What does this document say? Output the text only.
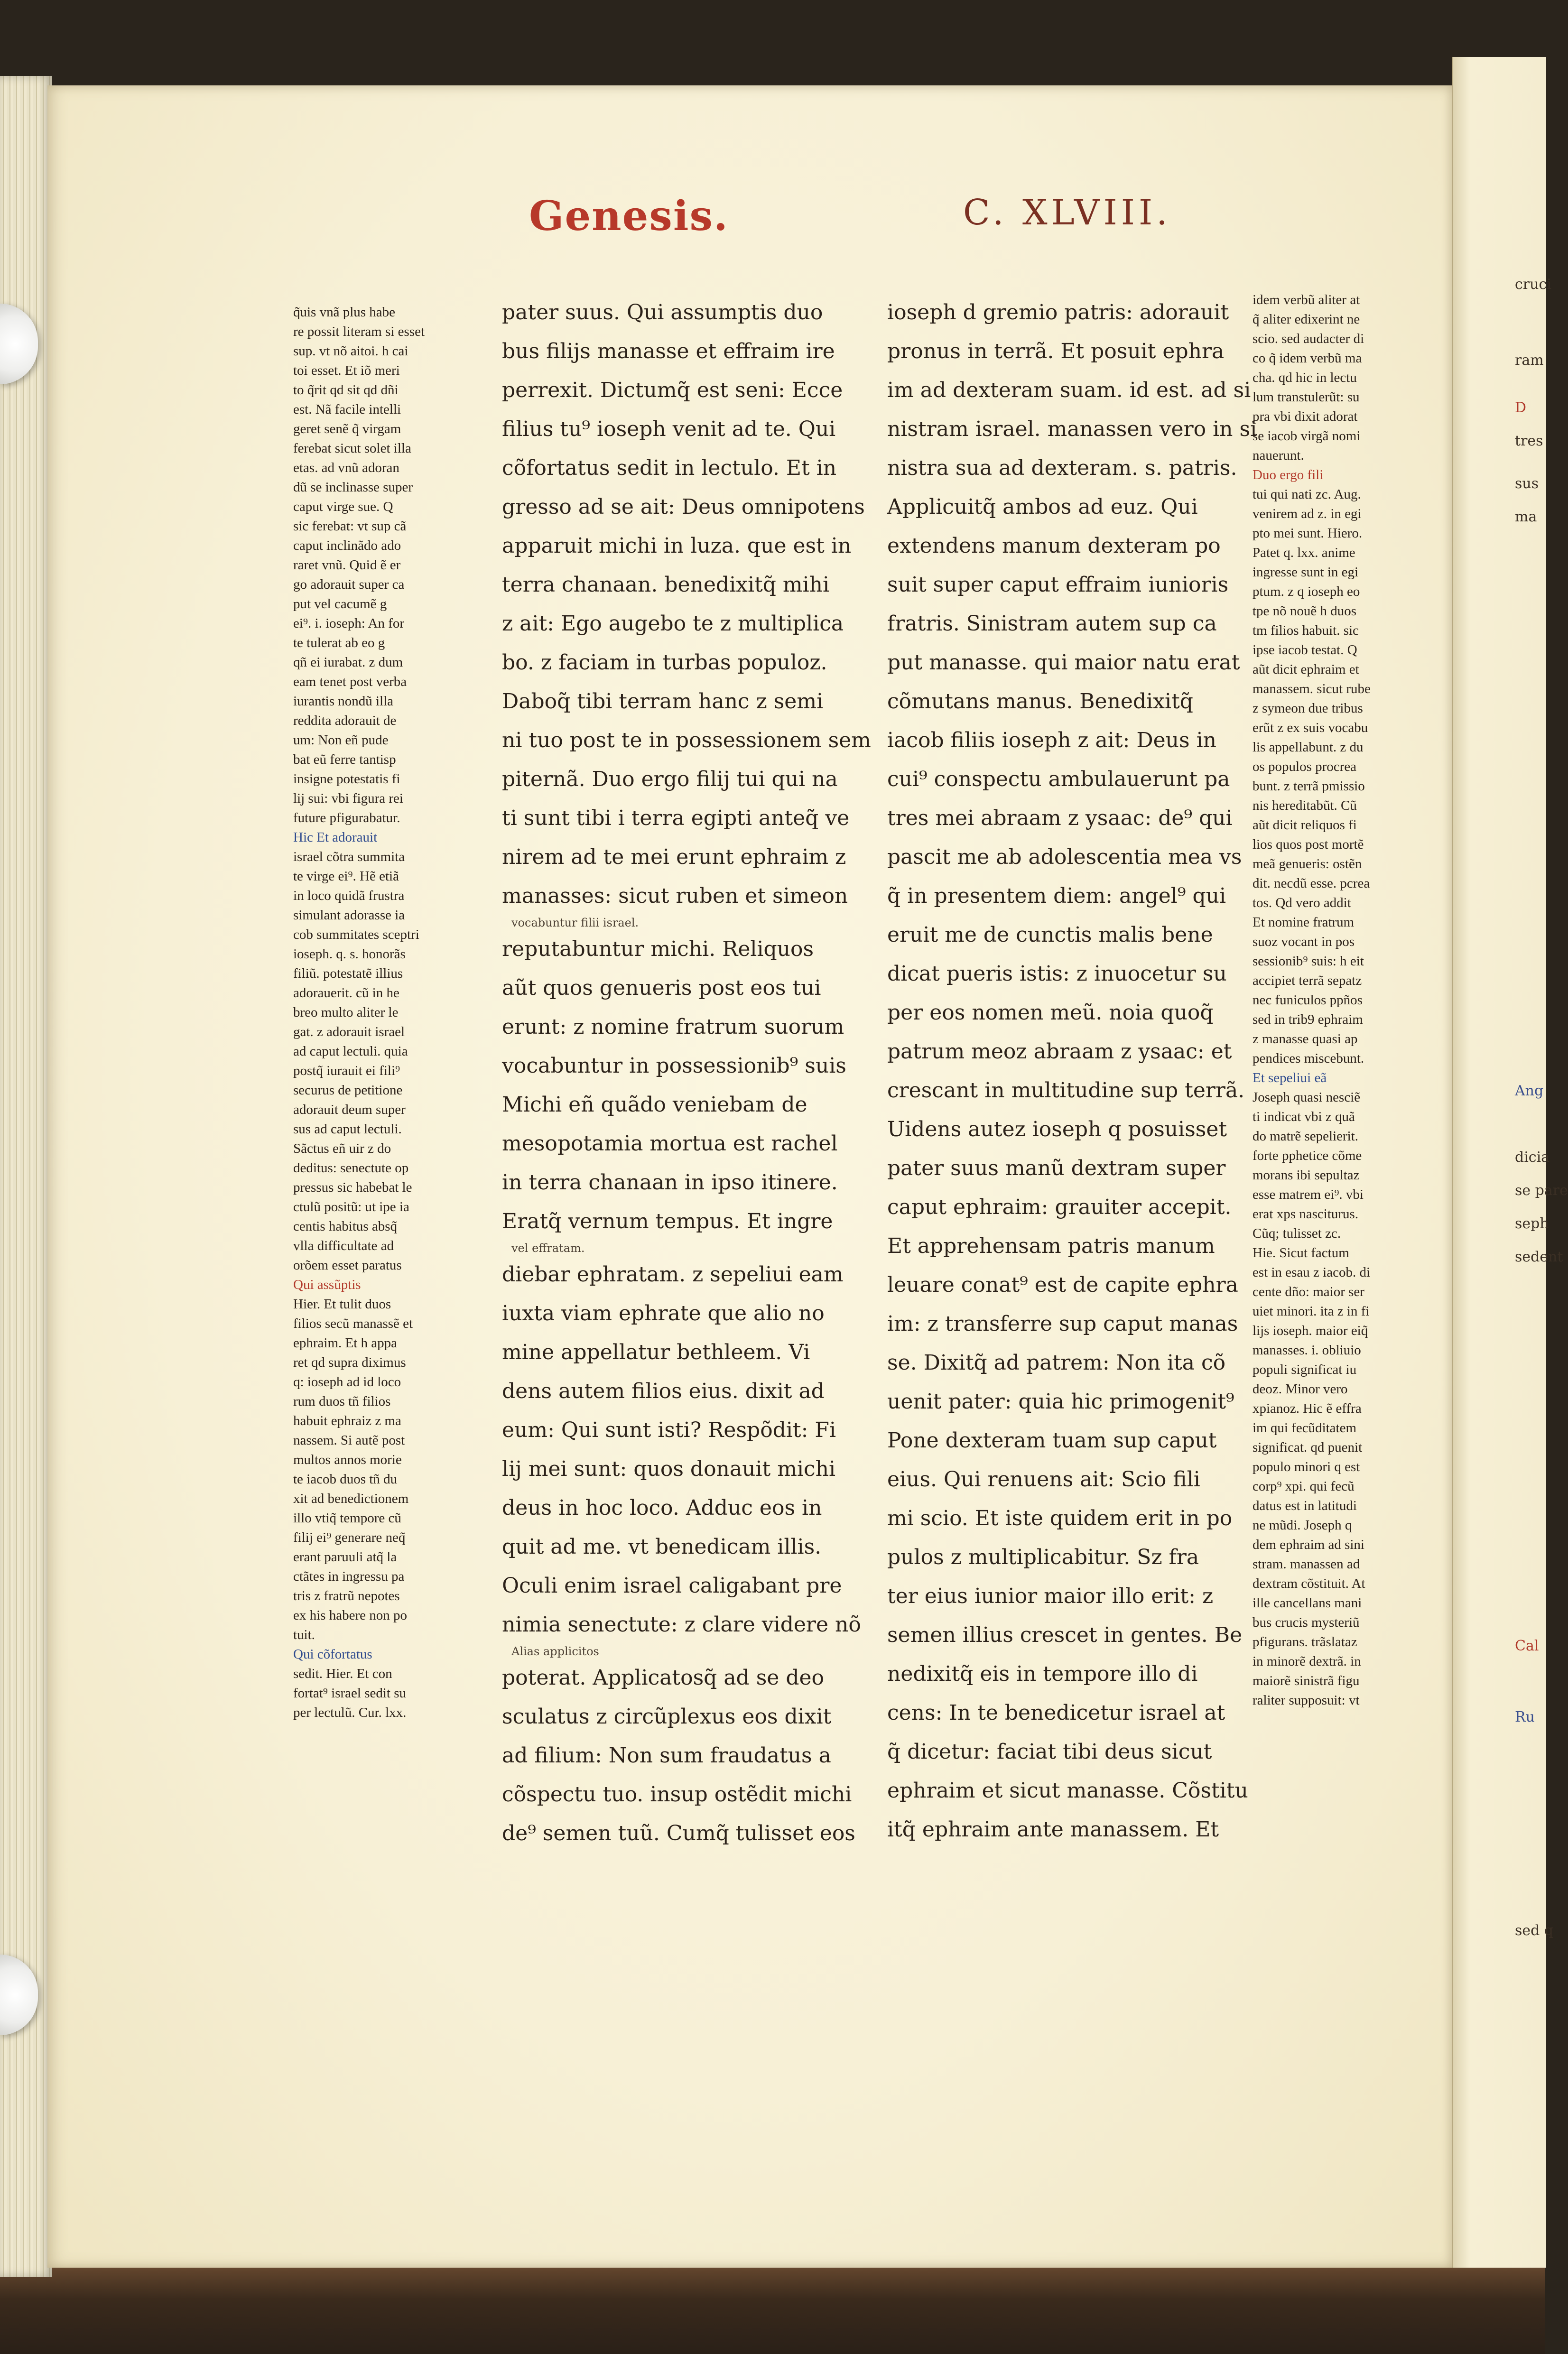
cruci
ram
D
tres
sus
ma
Ang
dicia
se pare
seph
sedent
Cal
Ru
sed q
Genesis.	C. XLVIII.
q̃uis vnã plus habe
re possit literam si esset
sup. vt nõ aitoi. h cai
toi esset. Et iõ meri
to q̃rit qd sit qd dñi
est. Nã facile intelli
geret senẽ q̃ virgam
ferebat sicut solet illa
etas. ad vnũ adoran
dũ se inclinasse super
caput virge sue. Q
sic ferebat: vt sup cã
caput inclinãdo ado
raret vnũ. Quid ẽ er
go adorauit super ca
put vel cacumẽ g
ei⁹. i. ioseph: An for
te tulerat ab eo g
qñ ei iurabat. z dum
eam tenet post verba
iurantis nondũ illa
reddita adorauit de
um: Non eñ pude
bat eũ ferre tantisp
insigne potestatis fi
lij sui: vbi figura rei
future pfigurabatur.
Hic Et adorauit
israel cõtra summita
te virge ei⁹. Hẽ etiã
in loco quidã frustra
simulant adorasse ia
cob summitates sceptri
ioseph. q. s. honorãs
filiũ. potestatẽ illius
adorauerit. cũ in he
breo multo aliter le
gat. z adorauit israel
ad caput lectuli. quia
postq̃ iurauit ei fili⁹
securus de petitione
adorauit deum super
sus ad caput lectuli.
Sãctus eñ uir z do
deditus: senectute op
pressus sic habebat le
ctulũ positũ: ut ipe ia
centis habitus absq̃
vlla difficultate ad
orõem esset paratus
Qui assũptis
Hier. Et tulit duos
filios secũ manassẽ et
ephraim. Et h appa
ret qd supra diximus
q: ioseph ad id loco
rum duos tñ filios
habuit ephraiz z ma
nassem. Si autẽ post
multos annos morie
te iacob duos tñ du
xit ad benedictionem
illo vtiq̃ tempore cũ
filij ei⁹ generare neq̃
erant paruuli atq̃ la
ctãtes in ingressu pa
tris z fratrũ nepotes
ex his habere non po
tuit.
Qui cõfortatus
sedit. Hier. Et con
fortat⁹ israel sedit su
per lectulũ. Cur. lxx.
pater suus. Qui assumptis duo
bus filijs manasse et effraim ire
perrexit. Dictumq̃ est seni: Ecce
filius tu⁹ ioseph venit ad te. Qui
cõfortatus sedit in lectulo. Et in
gresso ad se ait: Deus omnipotens
apparuit michi in luza. que est in
terra chanaan. benedixitq̃ mihi
z ait: Ego augebo te z multiplica
bo. z faciam in turbas populoz.
Daboq̃ tibi terram hanc z semi
ni tuo post te in possessionem sem
piternã. Duo ergo filij tui qui na
ti sunt tibi i terra egipti anteq̃ ve
nirem ad te mei erunt ephraim z
manasses: sicut ruben et simeon
vocabuntur filii israel.
reputabuntur michi. Reliquos
aũt quos genueris post eos tui
erunt: z nomine fratrum suorum
vocabuntur in possessionib⁹ suis
Michi eñ quãdo veniebam de
mesopotamia mortua est rachel
in terra chanaan in ipso itinere.
Eratq̃ vernum tempus. Et ingre
vel effratam.
diebar ephratam. z sepeliui eam
iuxta viam ephrate que alio no
mine appellatur bethleem. Vi
dens autem filios eius. dixit ad
eum: Qui sunt isti? Respõdit: Fi
lij mei sunt: quos donauit michi
deus in hoc loco. Adduc eos in
quit ad me. vt benedicam illis.
Oculi enim israel caligabant pre
nimia senectute: z clare videre nõ
Alias applicitos
poterat. Applicatosq̃ ad se deo
sculatus z circũplexus eos dixit
ad filium: Non sum fraudatus a
cõspectu tuo. insup ostẽdit michi
de⁹ semen tuũ. Cumq̃ tulisset eos
ioseph d gremio patris: adorauit
pronus in terrã. Et posuit ephra
im ad dexteram suam. id est. ad si
nistram israel. manassen vero in si
nistra sua ad dexteram. s. patris.
Applicuitq̃ ambos ad euz. Qui
extendens manum dexteram po
suit super caput effraim iunioris
fratris. Sinistram autem sup ca
put manasse. qui maior natu erat
cõmutans manus. Benedixitq̃
iacob filiis ioseph z ait: Deus in
cui⁹ conspectu ambulauerunt pa
tres mei abraam z ysaac: de⁹ qui
pascit me ab adolescentia mea vs
q̃ in presentem diem: angel⁹ qui
eruit me de cunctis malis bene
dicat pueris istis: z inuocetur su
per eos nomen meũ. noia quoq̃
patrum meoz abraam z ysaac: et
crescant in multitudine sup terrã.
Uidens autez ioseph q posuisset
pater suus manũ dextram super
caput ephraim: grauiter accepit.
Et apprehensam patris manum
leuare conat⁹ est de capite ephra
im: z transferre sup caput manas
se. Dixitq̃ ad patrem: Non ita cõ
uenit pater: quia hic primogenit⁹
Pone dexteram tuam sup caput
eius. Qui renuens ait: Scio fili
mi scio. Et iste quidem erit in po
pulos z multiplicabitur. Sz fra
ter eius iunior maior illo erit: z
semen illius crescet in gentes. Be
nedixitq̃ eis in tempore illo di
cens: In te benedicetur israel at
q̃ dicetur: faciat tibi deus sicut
ephraim et sicut manasse. Cõstitu
itq̃ ephraim ante manassem. Et
idem verbũ aliter at
q̃ aliter edixerint ne
scio. sed audacter di
co q̃ idem verbũ ma
cha. qd hic in lectu
lum transtulerũt: su
pra vbi dixit adorat
se iacob virgã nomi
nauerunt.
Duo ergo fili
tui qui nati zc. Aug.
venirem ad z. in egi
pto mei sunt. Hiero.
Patet q. lxx. anime
ingresse sunt in egi
ptum. z q ioseph eo
tpe nõ nouẽ h duos
tm filios habuit. sic
ipse iacob testat. Q
aũt dicit ephraim et
manassem. sicut rube
z symeon due tribus
erũt z ex suis vocabu
lis appellabunt. z du
os populos procrea
bunt. z terrã pmissio
nis hereditabũt. Cũ
aũt dicit reliquos fi
lios quos post mortẽ
meã genueris: ostẽn
dit. necdũ esse. pcrea
tos. Qd vero addit
Et nomine fratrum
suoz vocant in pos
sessionib⁹ suis: h eit
accipiet terrã sepatz
nec funiculos ppños
sed in trib9 ephraim
z manasse quasi ap
pendices miscebunt.
Et sepeliui eã
Joseph quasi nesciẽ
ti indicat vbi z quã
do matrẽ sepelierit.
forte pphetice cõme
morans ibi sepultaz
esse matrem ei⁹. vbi
erat xps nasciturus.
Cũq; tulisset zc.
Hie. Sicut factum
est in esau z iacob. di
cente dño: maior ser
uiet minori. ita z in fi
lijs ioseph. maior eiq̃
manasses. i. obliuio
populi significat iu
deoz. Minor vero
xpianoz. Hic ẽ effra
im qui fecũditatem
significat. qd puenit
populo minori q est
corp⁹ xpi. qui fecũ
datus est in latitudi
ne mũdi. Joseph q
dem ephraim ad sini
stram. manassen ad
dextram cõstituit. At
ille cancellans mani
bus crucis mysteriũ
pfigurans. trãslataz
in minorẽ dextrã. in
maiorẽ sinistrã figu
raliter supposuit: vt
